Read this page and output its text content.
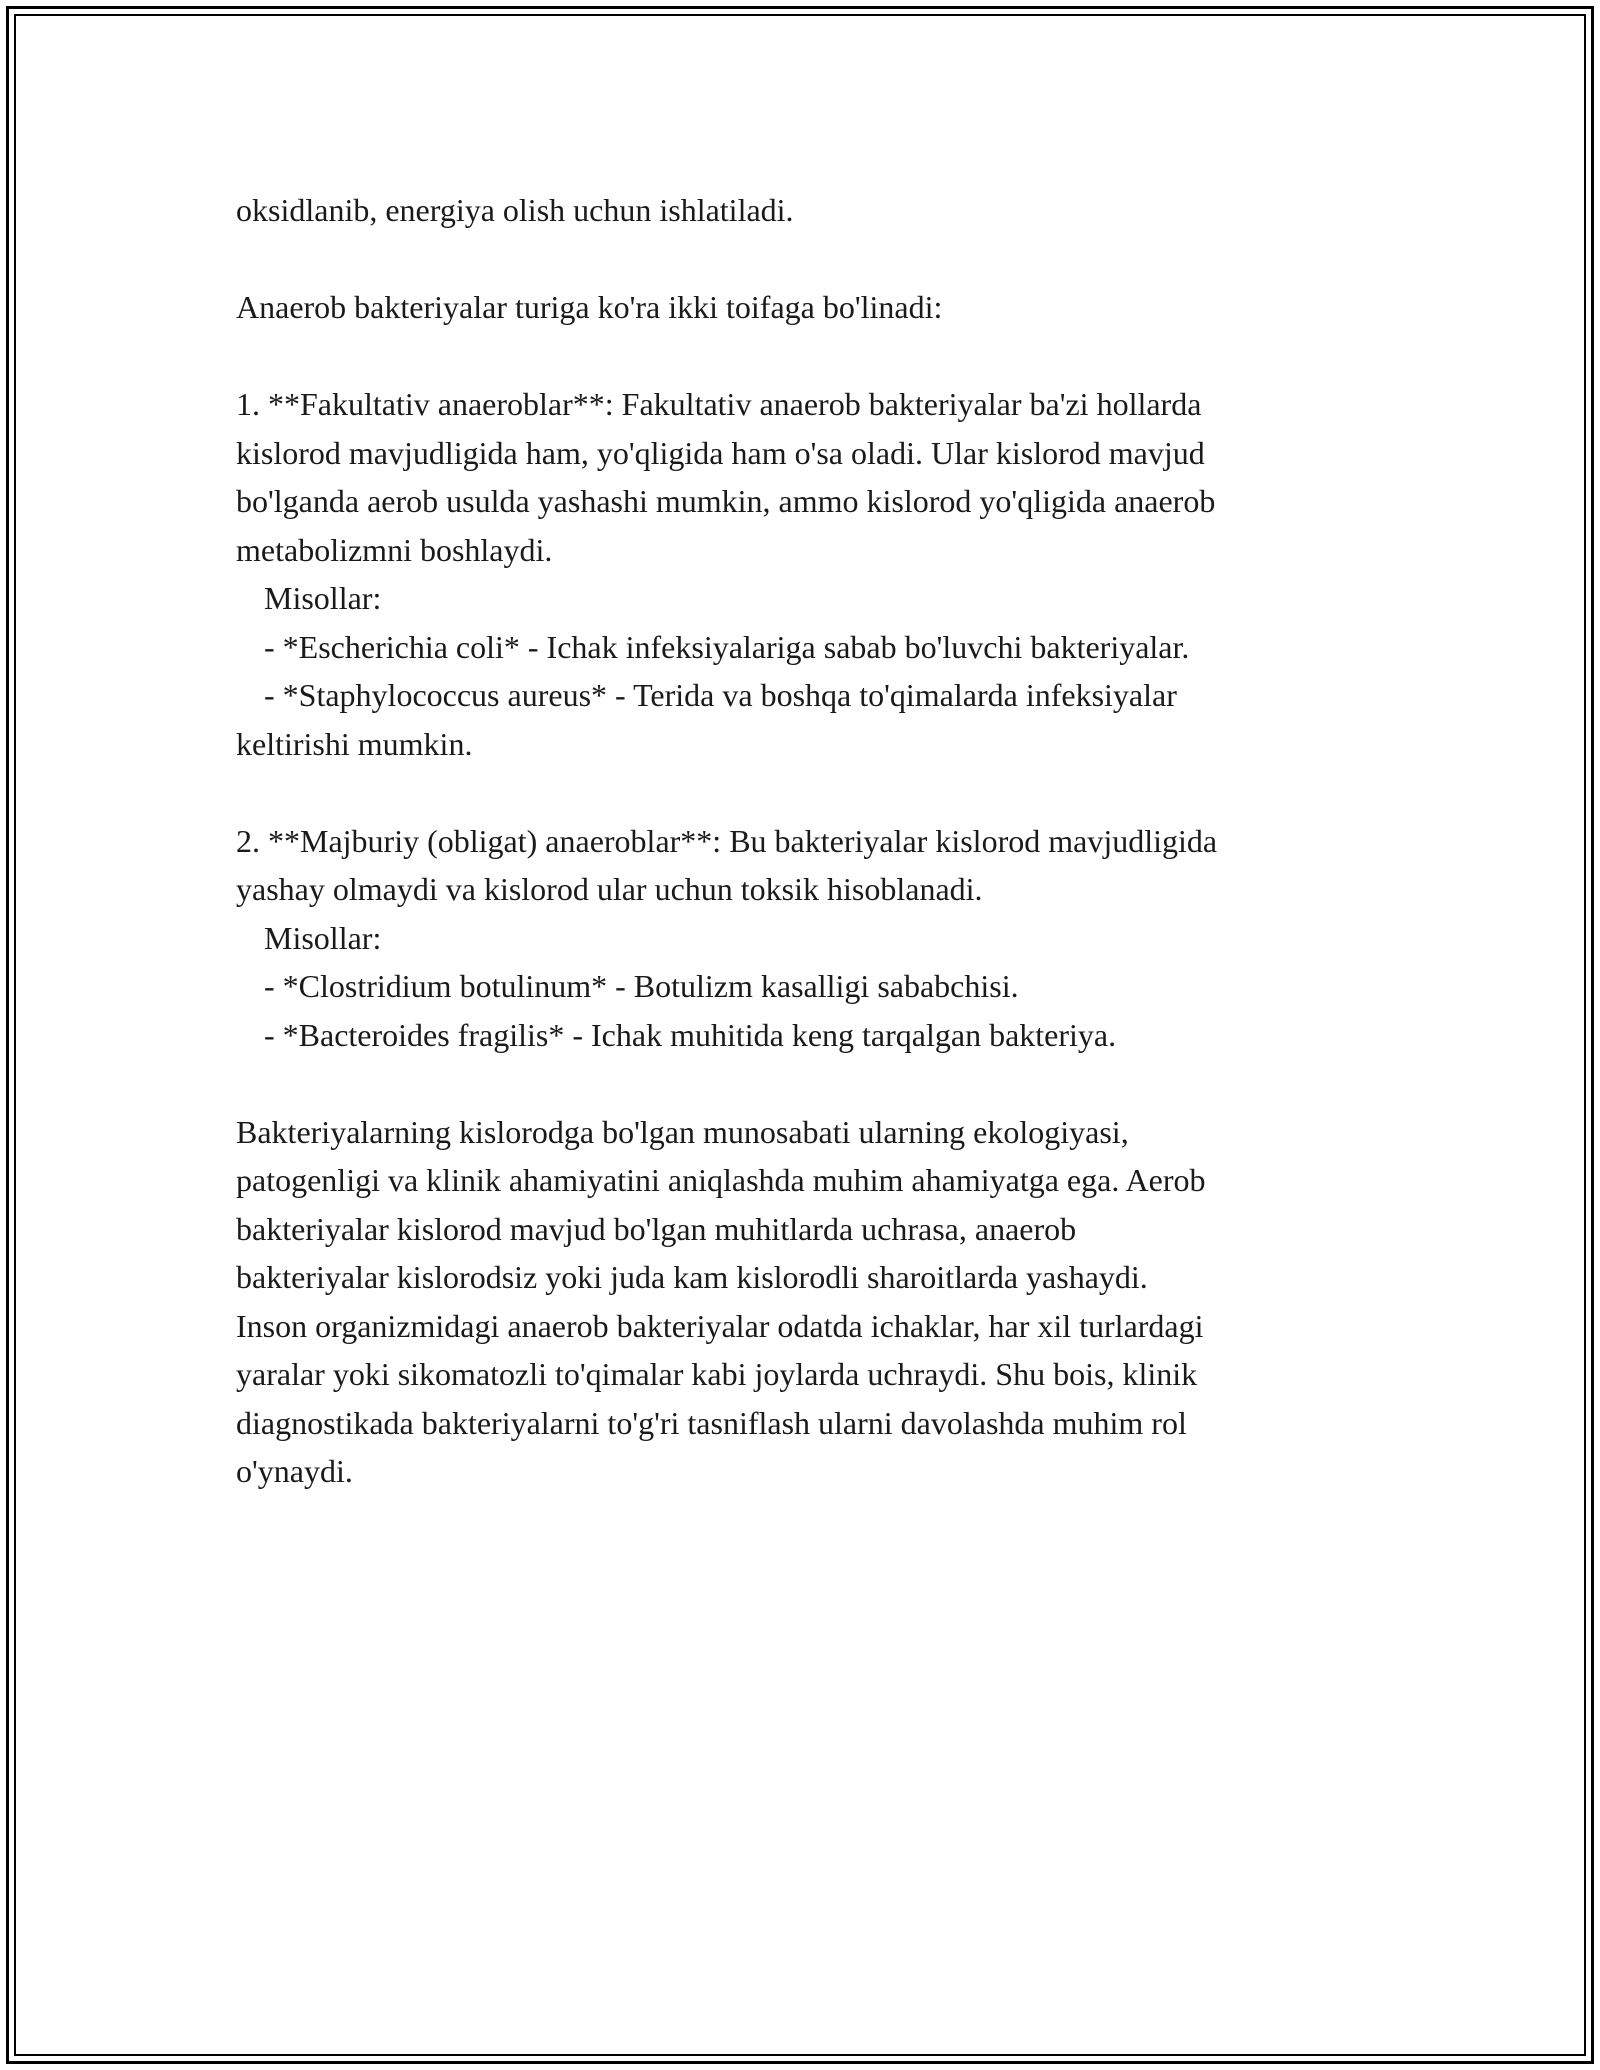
oksidlanib, energiya olish uchun ishlatiladi.
Anaerob bakteriyalar turiga ko'ra ikki toifaga bo'linadi:
1. **Fakultativ anaeroblar**: Fakultativ anaerob bakteriyalar ba'zi hollarda
kislorod mavjudligida ham, yo'qligida ham o'sa oladi. Ular kislorod mavjud
bo'lganda aerob usulda yashashi mumkin, ammo kislorod yo'qligida anaerob
metabolizmni boshlaydi.
Misollar:
- *Escherichia coli* - Ichak infeksiyalariga sabab bo'luvchi bakteriyalar.
- *Staphylococcus aureus* - Terida va boshqa to'qimalarda infeksiyalar
keltirishi mumkin.
2. **Majburiy (obligat) anaeroblar**: Bu bakteriyalar kislorod mavjudligida
yashay olmaydi va kislorod ular uchun toksik hisoblanadi.
Misollar:
- *Clostridium botulinum* - Botulizm kasalligi sababchisi.
- *Bacteroides fragilis* - Ichak muhitida keng tarqalgan bakteriya.
Bakteriyalarning kislorodga bo'lgan munosabati ularning ekologiyasi,
patogenligi va klinik ahamiyatini aniqlashda muhim ahamiyatga ega. Aerob
bakteriyalar kislorod mavjud bo'lgan muhitlarda uchrasa, anaerob
bakteriyalar kislorodsiz yoki juda kam kislorodli sharoitlarda yashaydi.
Inson organizmidagi anaerob bakteriyalar odatda ichaklar, har xil turlardagi
yaralar yoki sikomatozli to'qimalar kabi joylarda uchraydi. Shu bois, klinik
diagnostikada bakteriyalarni to'g'ri tasniflash ularni davolashda muhim rol
o'ynaydi.
